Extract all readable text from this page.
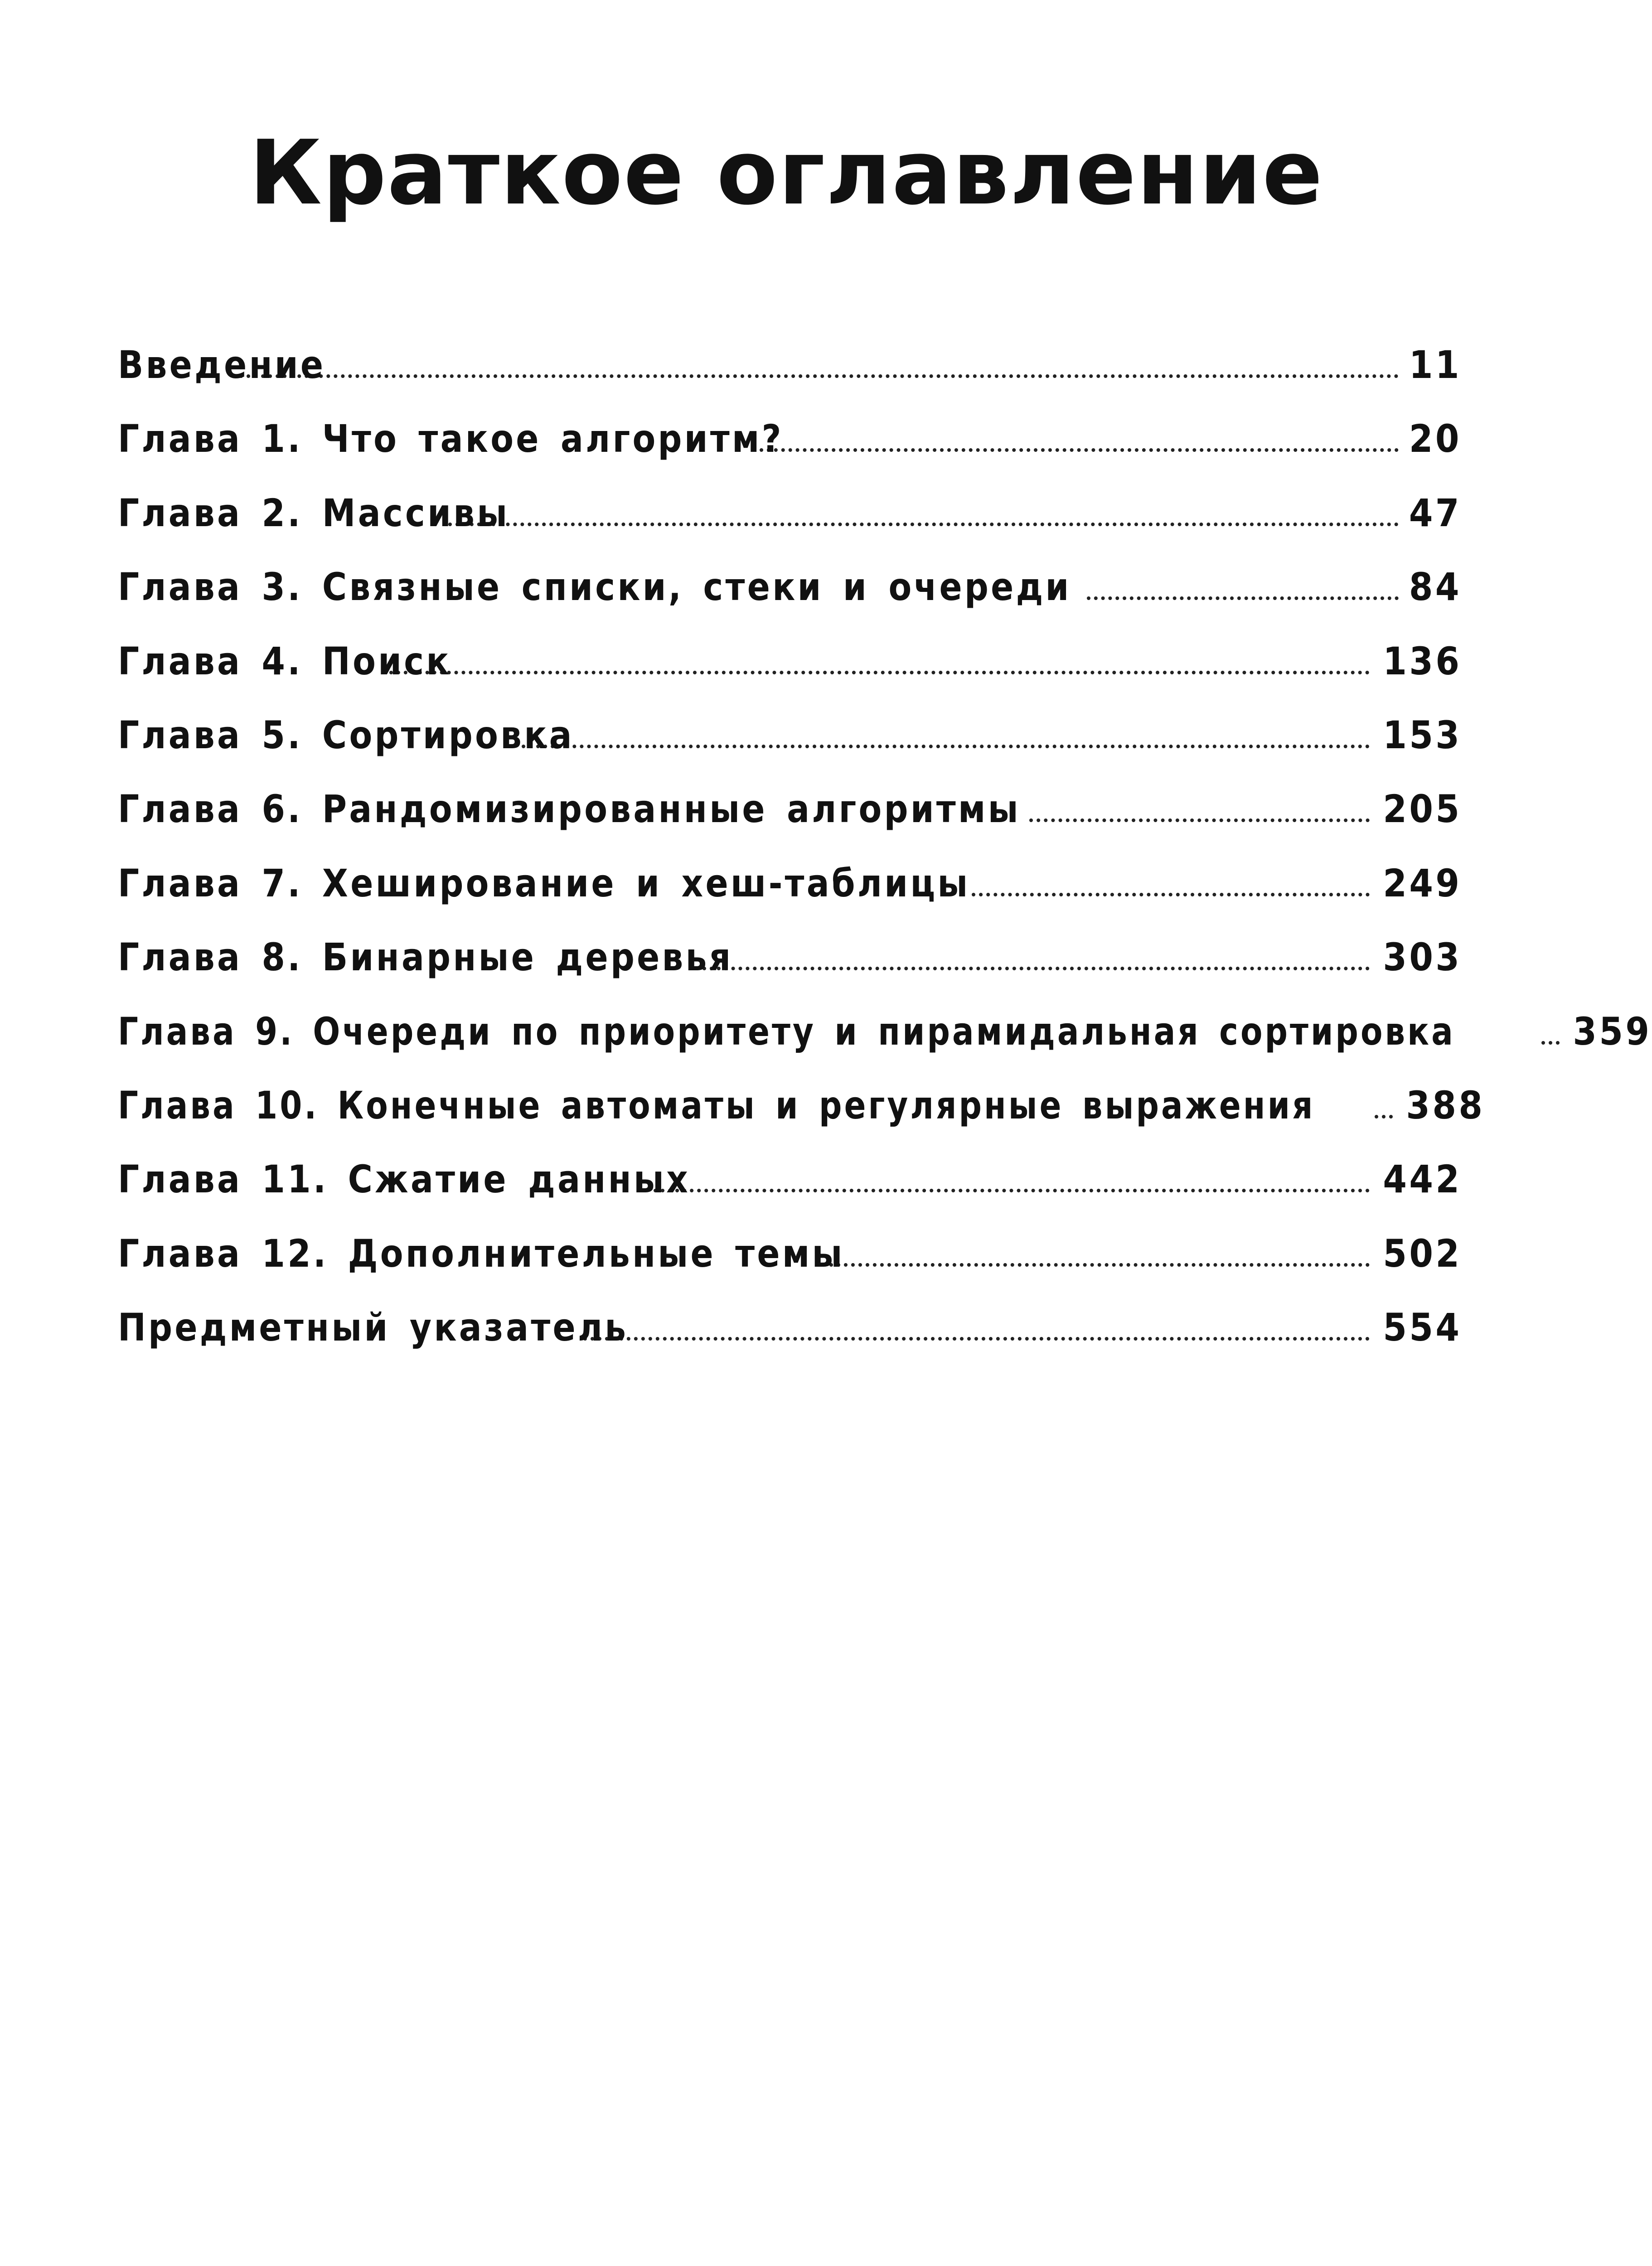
Краткое оглавление
Введение	11
Глава 1. Что такое алгоритм?	20
Глава 2. Массивы	47
Глава 3. Связные списки, стеки и очереди	84
Глава 4. Поиск	136
Глава 5. Сортировка	153
Глава 6. Рандомизированные алгоритмы	205
Глава 7. Хеширование и хеш-таблицы	249
Глава 8. Бинарные деревья	303
Глава 9. Очереди по приоритету и пирамидальная сортировка	359
Глава 10. Конечные автоматы и регулярные выражения 388
Глава 11. Сжатие данных	442
Глава 12. Дополнительные темы	502
Предметный указатель	554
